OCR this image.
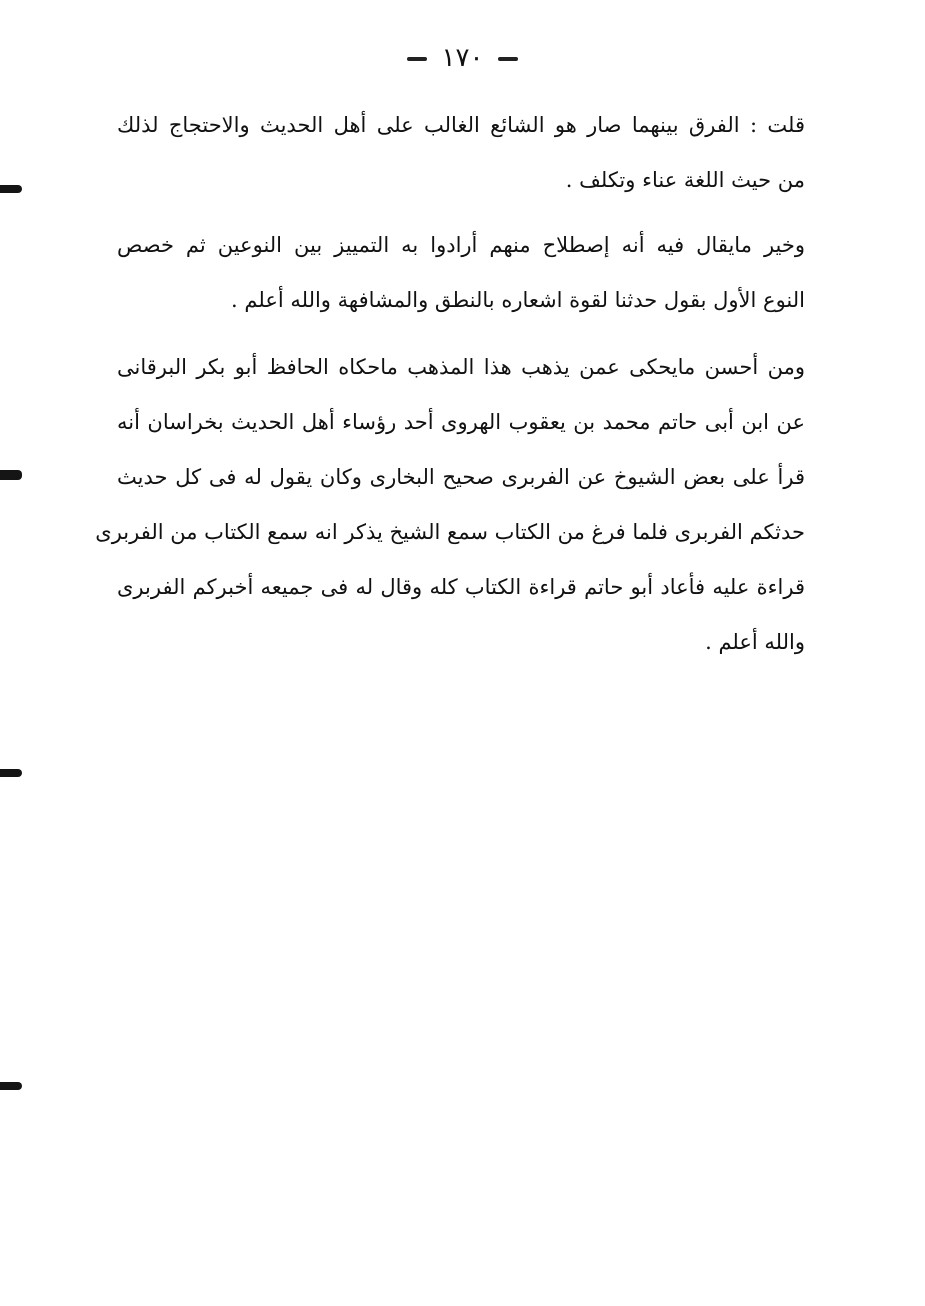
١٧٠
قلت : الفرق بينهما صار هو الشائع الغالب على أهل الحديث والاحتجاج لذلك
من حيث اللغة عناء وتكلف .
وخير مايقال فيه أنه إصطلاح منهم أرادوا به التمييز بين النوعين ثم خصص
النوع الأول بقول حدثنا لقوة اشعاره بالنطق والمشافهة والله أعلم .
ومن أحسن مايحكى عمن يذهب هذا المذهب ماحكاه الحافظ أبو بكر البرقانى
عن ابن أبى حاتم محمد بن يعقوب الهروى أحد رؤساء أهل الحديث بخراسان أنه
قرأ على بعض الشيوخ عن الفربرى صحيح البخارى وكان يقول له فى كل حديث
حدثكم الفربرى فلما فرغ من الكتاب سمع الشيخ يذكر انه سمع الكتاب من الفربرى
قراءة عليه فأعاد أبو حاتم قراءة الكتاب كله وقال له فى جميعه أخبركم الفربرى
والله أعلم .
